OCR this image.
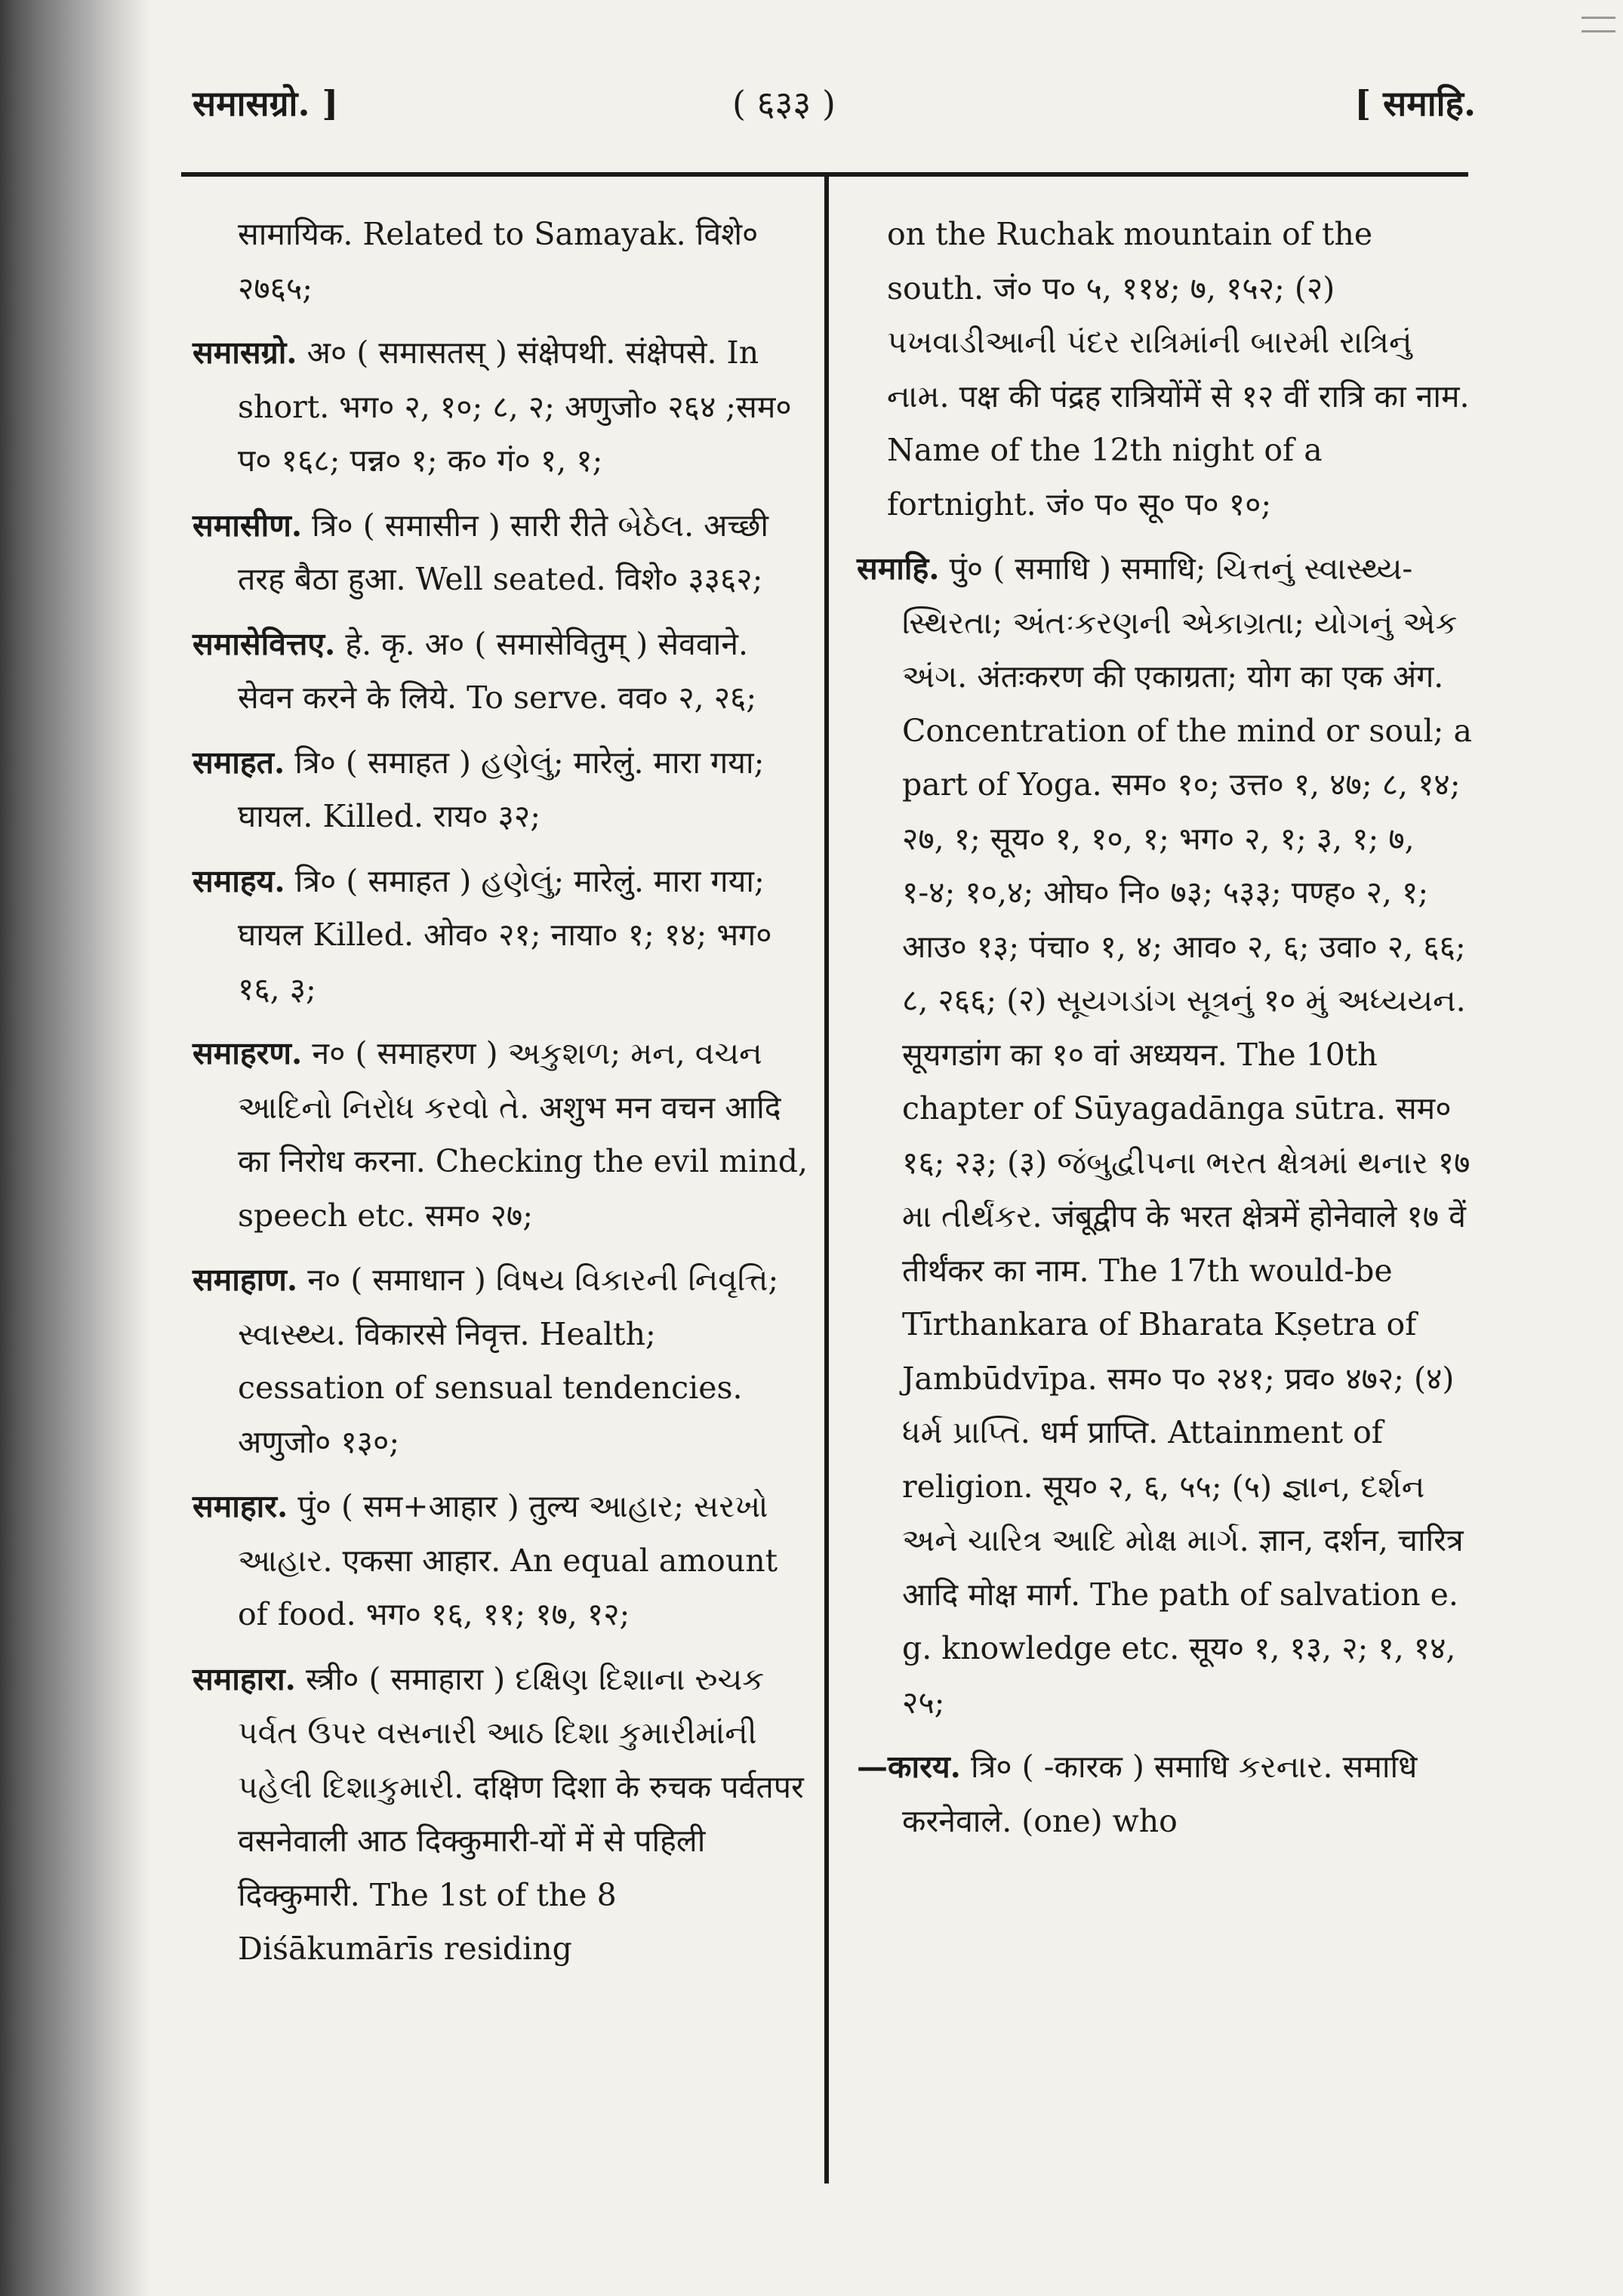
समासग्रो. ]	( ६३३ )	[ समाहि.
सामायिक. Related to Samayak. विशे० २७६५;
समासग्रो. अ० ( समासतस् ) संक्षेपथी. संक्षेपसे. In short. भग० २, १०; ८, २; अणुजो० २६४ ;सम० प० १६८; पन्न० १; क० गं० १, १;
समासीण. त्रि० ( समासीन ) सारी रीते બેઠેલ. अच्छी तरह बैठा हुआ. Well seated. विशे० ३३६२;
समासेवित्तए. हे. कृ. अ० ( समासेवितुम् ) सेववाने. सेवन करने के लिये. To serve. वव० २, २६;
समाहत. त्रि० ( समाहत ) હણેલું; मारेलुं. मारा गया; घायल. Killed. राय० ३२;
समाहय. त्रि० ( समाहत ) હણેલું; मारेलुं. मारा गया; घायल Killed. ओव० २१; नाया० १; १४; भग० १६, ३;
समाहरण. न० ( समाहरण ) અકુશળ; મન, વચન આદિનો નિરોધ કરવો તે. अशुभ मन वचन आदि का निरोध करना. Checking the evil mind, speech etc. सम० २७;
समाहाण. न० ( समाधान ) વિષય વિકારની નિવૃત્તિ; સ્વાસ્થ્ય. विकारसे निवृत्त. Health; cessation of sensual tendencies. अणुजो० १३०;
समाहार. पुं० ( सम+आहार ) तुल्य આહાર; સરખો આહાર. एकसा आहार. An equal amount of food. भग० १६, ११; १७, १२;
समाहारा. स्त्री० ( समाहारा ) દક્ષિણ દિશાના રુચક પર્વત ઉપર વસનારી આઠ દિશા કુમારીમાંની પહેલી દિશાકુમારી. दक्षिण दिशा के रुचक पर्वतपर वसनेवाली आठ दिक्कुमारी-यों में से पहिली दिक्कुमारी. The 1st of the 8 Diśākumārīs residing
on the Ruchak mountain of the south. जं० प० ५, ११४; ७, १५२; (२) પખવાડીઆની પંદર રાત્રિમાંની બારમી રાત્રિનું નામ. पक्ष की पंद्रह रात्रियोंमें से १२ वीं रात्रि का नाम. Name of the 12th night of a fortnight. जं० प० सू० प० १०;
समाहि. पुं० ( समाधि ) समाधि; ચિત્તનું સ્વાસ્થ્ય-સ્થિરતા; અંતઃકરણની એકાગ્રતા; યોગનું એક અંગ. अंतःकरण की एकाग्रता; योग का एक अंग. Concentration of the mind or soul; a part of Yoga. सम० १०; उत्त० १, ४७; ८, १४; २७, १; सूय० १, १०, १; भग० २, १; ३, १; ७, १-४; १०,४; ओघ० नि० ७३; ५३३; पण्ह० २, १; आउ० १३; पंचा० १, ४; आव० २, ६; उवा० २, ६६; ८, २६६; (२) સૂયગડાંગ સૂત્રનું १० મું અધ્યયન. सूयगडांग का १० वां अध्ययन. The 10th chapter of Sūyagadānga sūtra. सम० १६; २३; (३) જંબુદ્વીપના ભરત ક્ષેત્રમાં થનાર १७ મા તીર્થંકર. जंबूद्वीप के भरत क्षेत्रमें होनेवाले १७ वें तीर्थंकर का नाम. The 17th would-be Tīrthankara of Bharata Kṣetra of Jambūdvīpa. सम० प० २४१; प्रव० ४७२; (४) ધર્મ પ્રાપ્તિ. धर्म प्राप्ति. Attainment of religion. सूय० २, ६, ५५; (५) જ્ઞાન, દર્શન અને ચારિત્ર આદિ મોક્ષ માર્ગ. ज्ञान, दर्शन, चारित्र आदि मोक्ष मार्ग. The path of salvation e. g. knowledge etc. सूय० १, १३, २; १, १४, २५;
—कारय. त्रि० ( -कारक ) समाधि કરનાર. समाधि करनेवाले. (one) who
